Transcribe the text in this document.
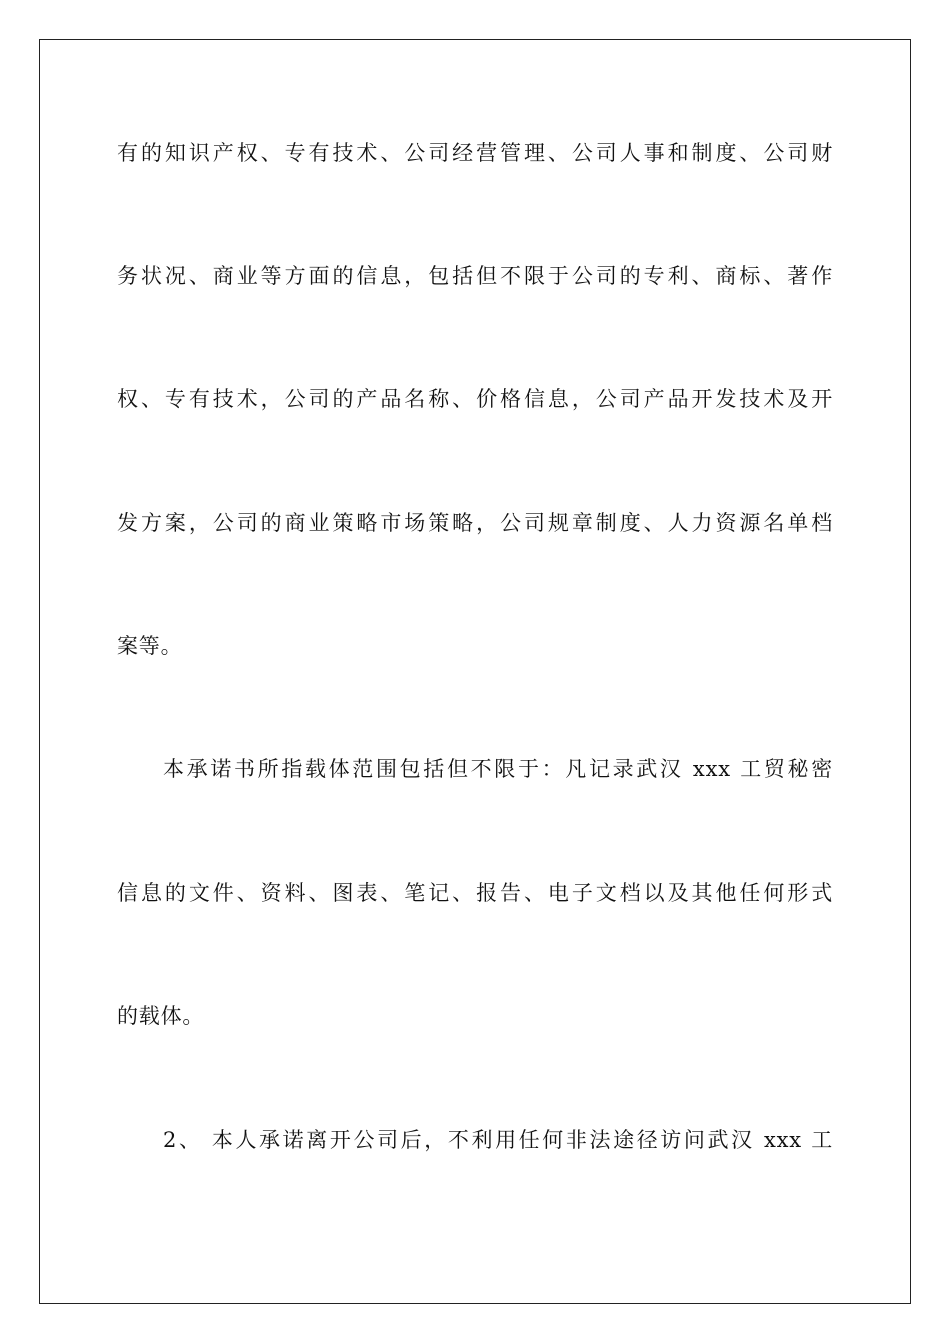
有的知识产权、专有技术、公司经营管理、公司人事和制度、公司财
务状况、商业等方面的信息，包括但不限于公司的专利、商标、著作
权、专有技术，公司的产品名称、价格信息，公司产品开发技术及开
发方案，公司的商业策略市场策略，公司规章制度、人力资源名单档
案等。
本承诺书所指载体范围包括但不限于：凡记录武汉 xxx 工贸秘密
信息的文件、资料、图表、笔记、报告、电子文档以及其他任何形式
的载体。
2、 本人承诺离开公司后，不利用任何非法途径访问武汉 xxx 工
